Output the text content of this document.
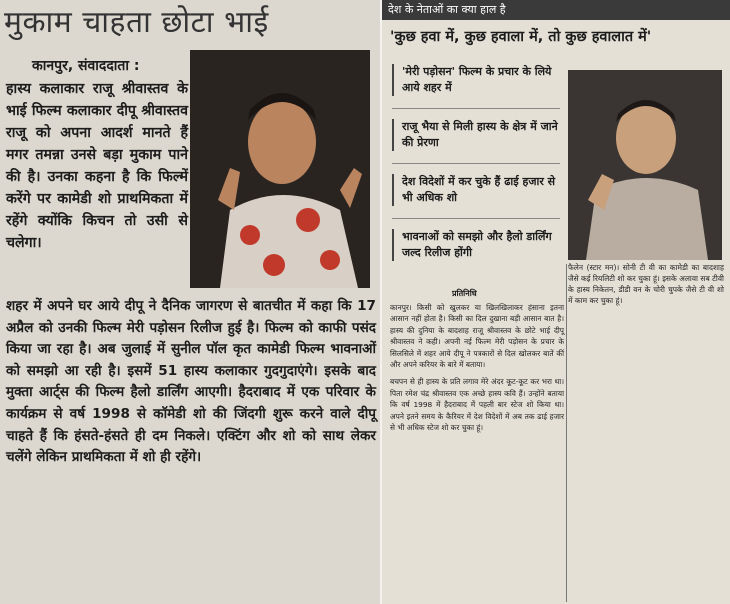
मुकाम चाहता छोटा भाई
कानपुर, संवाददाता :
हास्य कलाकार राजू श्रीवास्तव के भाई फिल्म कलाकार दीपू श्रीवास्तव राजू को अपना आदर्श मानते हैं मगर तमन्ना उनसे बड़ा मुकाम पाने की है। उनका कहना है कि फिल्में करेंगे पर कामेडी शो प्राथमिकता में रहेंगे क्योंकि किचन तो उसी से चलेगा।
शहर में अपने घर आये दीपू ने दैनिक जागरण से बातचीत में कहा कि 17 अप्रैल को उनकी फिल्म मेरी पड़ोसन रिलीज हुई है। फिल्म को काफी पसंद किया जा रहा है। अब जुलाई में सुनील पॉल कृत कामेडी फिल्म भावनाओं को समझो आ रही है। इसमें 51 हास्य कलाकार गुदगुदाएंगे। इसके बाद मुक्ता आर्ट्स की फिल्म हैलो डार्लिंग आएगी। हैदराबाद में एक परिवार के कार्यक्रम से वर्ष 1998 से कॉमेडी शो की जिंदगी शुरू करने वाले दीपू चाहते हैं कि हंसते-हंसते ही दम निकले। एक्टिंग और शो को साथ लेकर चलेंगे लेकिन प्राथमिकता में शो ही रहेंगे।
देश के नेताओं का क्या हाल है
'कुछ हवा में, कुछ हवाला में, तो कुछ हवालात में'
'मेरी पड़ोसन' फिल्म के प्रचार के लिये आये शहर में
राजू भैया से मिली हास्य के क्षेत्र में जाने की प्रेरणा
देश विदेशों में कर चुके हैं ढाई हजार से भी अधिक शो
भावनाओं को समझो और हैलो डार्लिंग जल्द रिलीज होंगी
फैलेन (स्टार मन)। सोनी टी वी का कामेडी का बादशाह जैसे कई रियलिटी शो कर चुका हूं। इसके अलावा सब टीवी के हास्य निकेतन, डीडी वन के चोरी चुपके जैसे टी वी शो में काम कर चुका हूं।
प्रतिनिधि

कानपुर। किसी को खुलकर या खिलखिलाकर हंसाना इतना आसान नहीं होता है। किसी का दिल दुखाना बड़ी आसान बात है। हास्य की दुनिया के बादशाह राजू श्रीवास्तव के छोटे भाई दीपू श्रीवास्तव ने कही। अपनी नई फिल्म मेरी पड़ोसन के प्रचार के सिलसिले में शहर आये दीपू ने पत्रकारों से दिल खोलकर बातें कीं और अपने करियर के बारे में बताया।

बचपन से ही हास्य के प्रति लगाव मेरे अंदर कूट-कूट कर भरा था। पिता रमेश चंद्र श्रीवास्तव एक अच्छे हास्य कवि हैं। उन्होंने बताया कि वर्ष 1998 में हैदराबाद में पहली बार स्टेज शो किया था। अपने इतने समय के कैरियर में देश विदेशों में अब तक ढाई हजार से भी अधिक स्टेज शो कर चुका हूं।
